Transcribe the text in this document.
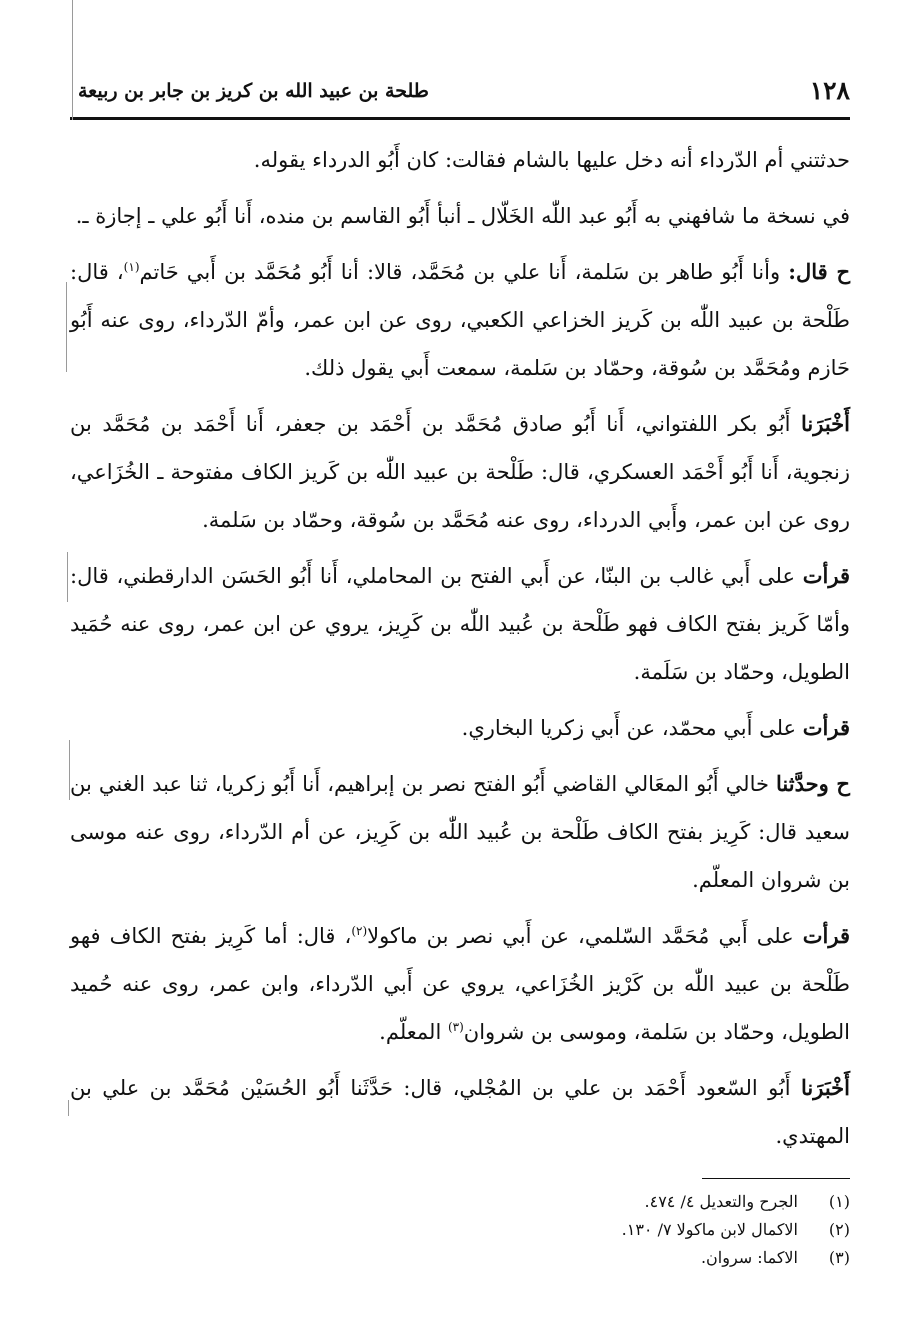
١٢٨
طلحة بن عبيد الله بن كريز بن جابر بن ربيعة

حدثتني أم الدّرداء أنه دخل عليها بالشام فقالت: كان أَبُو الدرداء يقوله.

في نسخة ما شافهني به أَبُو عبد اللّٰه الخَلّال ـ أنبأ أَبُو القاسم بن منده، أَنا أَبُو علي ـ إجازة ـ.

ح قال: وأنا أَبُو طاهر بن سَلمة، أَنا علي بن مُحَمَّد، قالا: أنا أَبُو مُحَمَّد بن أَبي حَاتم$^{(١)}$، قال: طَلْحة بن عبيد اللّٰه بن كَريز الخزاعي الكعبي، روى عن ابن عمر، وأمّ الدّرداء، روى عنه أَبُو حَازم ومُحَمَّد بن سُوقة، وحمّاد بن سَلمة، سمعت أَبي يقول ذلك.

أَخْبَرَنا أَبُو بكر اللفتواني، أَنا أَبُو صادق مُحَمَّد بن أَحْمَد بن جعفر، أَنا أَحْمَد بن مُحَمَّد بن زنجوية، أَنا أَبُو أَحْمَد العسكري، قال: طَلْحة بن عبيد اللّٰه بن كَريز الكاف مفتوحة ـ الخُزَاعي، روى عن ابن عمر، وأَبي الدرداء، روى عنه مُحَمَّد بن سُوقة، وحمّاد بن سَلمة.

قرأت على أَبي غالب بن البنّا، عن أَبي الفتح بن المحاملي، أَنا أَبُو الحَسَن الدارقطني، قال: وأمّا كَريز بفتح الكاف فهو طَلْحة بن عُبيد اللّٰه بن كَرِيز، يروي عن ابن عمر، روى عنه حُمَيد الطويل، وحمّاد بن سَلَمة.

قرأت على أَبي محمّد، عن أَبي زكريا البخاري.

ح وحدَّثنا خالي أَبُو المعَالي القاضي أَبُو الفتح نصر بن إبراهيم، أَنا أَبُو زكريا، ثنا عبد الغني بن سعيد قال: كَرِيز بفتح الكاف طَلْحة بن عُبيد اللّٰه بن كَرِيز، عن أم الدّرداء، روى عنه موسى بن شروان المعلّم.

قرأت على أَبي مُحَمَّد السّلمي، عن أَبي نصر بن ماكولا$^{(٢)}$، قال: أما كَرِيز بفتح الكاف فهو طَلْحة بن عبيد اللّٰه بن كَرْيز الخُزَاعي، يروي عن أَبي الدّرداء، وابن عمر، روى عنه حُميد الطويل، وحمّاد بن سَلمة، وموسى بن شروان$^{(٣)}$ المعلّم.

أَخْبَرَنا أَبُو السّعود أَحْمَد بن علي بن المُجْلي، قال: حَدَّثَنا أَبُو الحُسَيْن مُحَمَّد بن علي بن المهتدي.

(١)
الجرح والتعديل ٤/ ٤٧٤.
(٢)
الاكمال لابن ماكولا ٧/ ١٣٠.
(٣)
الاكما: سروان.
